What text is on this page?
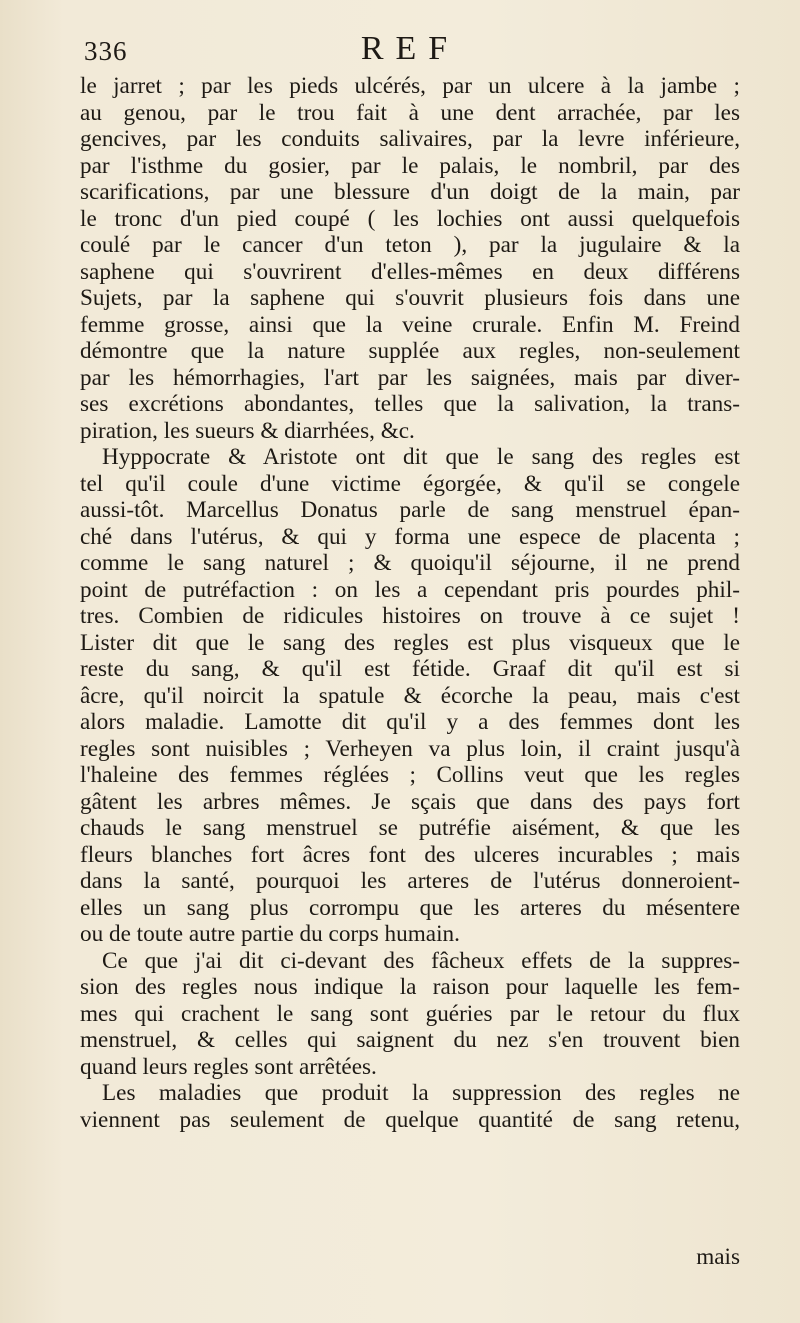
336	REF
le jarret ; par les pieds ulcérés, par un ulcere à la jambe ;
au genou, par le trou fait à une dent arrachée, par les
gencives, par les conduits salivaires, par la levre inférieure,
par l'isthme du gosier, par le palais, le nombril, par des
scarifications, par une blessure d'un doigt de la main, par
le tronc d'un pied coupé ( les lochies ont aussi quelquefois
coulé par le cancer d'un teton ), par la jugulaire & la
saphene qui s'ouvrirent d'elles-mêmes en deux différens
Sujets, par la saphene qui s'ouvrit plusieurs fois dans une
femme grosse, ainsi que la veine crurale. Enfin M. Freind
démontre que la nature supplée aux regles, non-seulement
par les hémorrhagies, l'art par les saignées, mais par diver-
ses excrétions abondantes, telles que la salivation, la trans-
piration, les sueurs & diarrhées, &c.
Hyppocrate & Aristote ont dit que le sang des regles est
tel qu'il coule d'une victime égorgée, & qu'il se congele
aussi-tôt. Marcellus Donatus parle de sang menstruel épan-
ché dans l'utérus, & qui y forma une espece de placenta ;
comme le sang naturel ; & quoiqu'il séjourne, il ne prend
point de putréfaction : on les a cependant pris pourdes phil-
tres. Combien de ridicules histoires on trouve à ce sujet !
Lister dit que le sang des regles est plus visqueux que le
reste du sang, & qu'il est fétide. Graaf dit qu'il est si
âcre, qu'il noircit la spatule & écorche la peau, mais c'est
alors maladie. Lamotte dit qu'il y a des femmes dont les
regles sont nuisibles ; Verheyen va plus loin, il craint jusqu'à
l'haleine des femmes réglées ; Collins veut que les regles
gâtent les arbres mêmes. Je sçais que dans des pays fort
chauds le sang menstruel se putréfie aisément, & que les
fleurs blanches fort âcres font des ulceres incurables ; mais
dans la santé, pourquoi les arteres de l'utérus donneroient-
elles un sang plus corrompu que les arteres du mésentere
ou de toute autre partie du corps humain.
Ce que j'ai dit ci-devant des fâcheux effets de la suppres-
sion des regles nous indique la raison pour laquelle les fem-
mes qui crachent le sang sont guéries par le retour du flux
menstruel, & celles qui saignent du nez s'en trouvent bien
quand leurs regles sont arrêtées.
Les maladies que produit la suppression des regles ne
viennent pas seulement de quelque quantité de sang retenu,
mais
